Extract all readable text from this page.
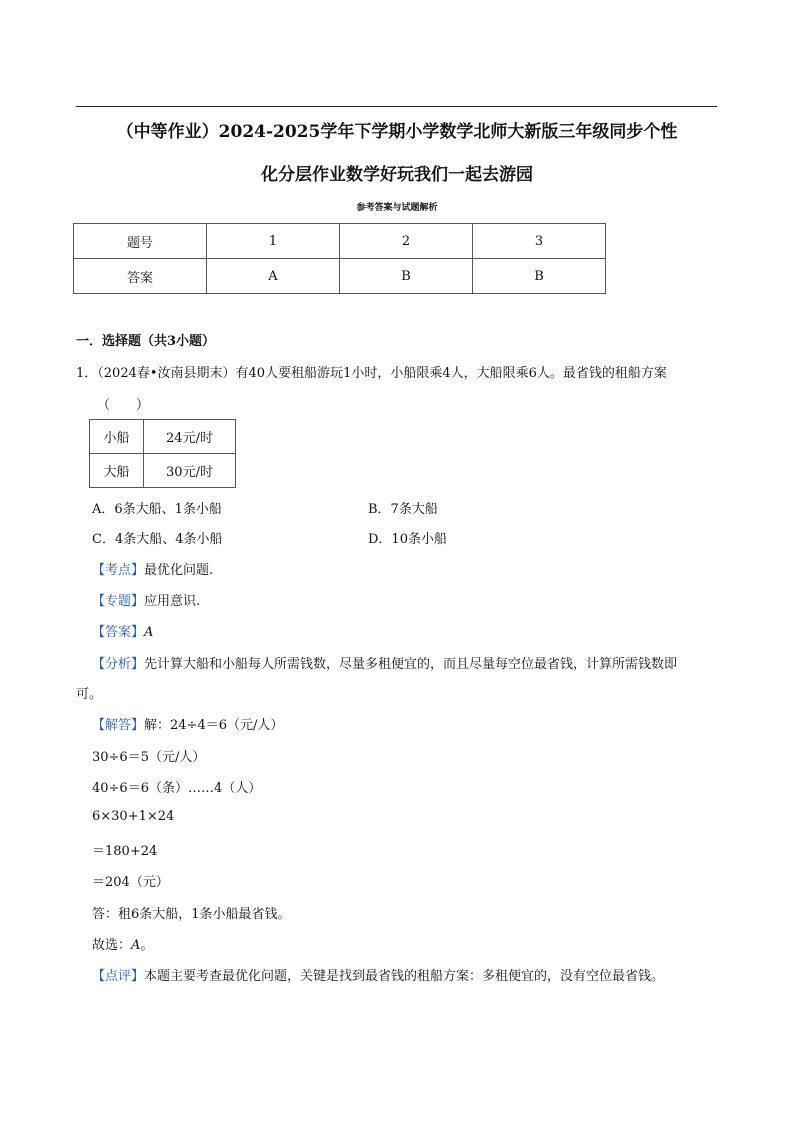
（中等作业）2024-2025学年下学期小学数学北师大新版三年级同步个性
化分层作业数学好玩我们一起去游园
参考答案与试题解析
题号	1	2	3
答案	A	B	B
一．选择题（共3小题）
1．（2024春•汝南县期末）有40人要租船游玩1小时，小船限乘4人，大船限乘6人。最省钱的租船方案
（　　）
小船	24元/时
大船	30元/时
A．6条大船、1条小船	B．7条大船
C．4条大船、4条小船	D．10条小船
【考点】最优化问题.
【专题】应用意识.
【答案】A
【分析】先计算大船和小船每人所需钱数，尽量多租便宜的，而且尽量每空位最省钱，计算所需钱数即
可。
【解答】解：24÷4＝6（元/人）
30÷6＝5（元/人）
40÷6＝6（条）……4（人）
6×30+1×24
＝180+24
＝204（元）
答：租6条大船，1条小船最省钱。
故选：A。
【点评】本题主要考查最优化问题，关键是找到最省钱的租船方案：多租便宜的，没有空位最省钱。
